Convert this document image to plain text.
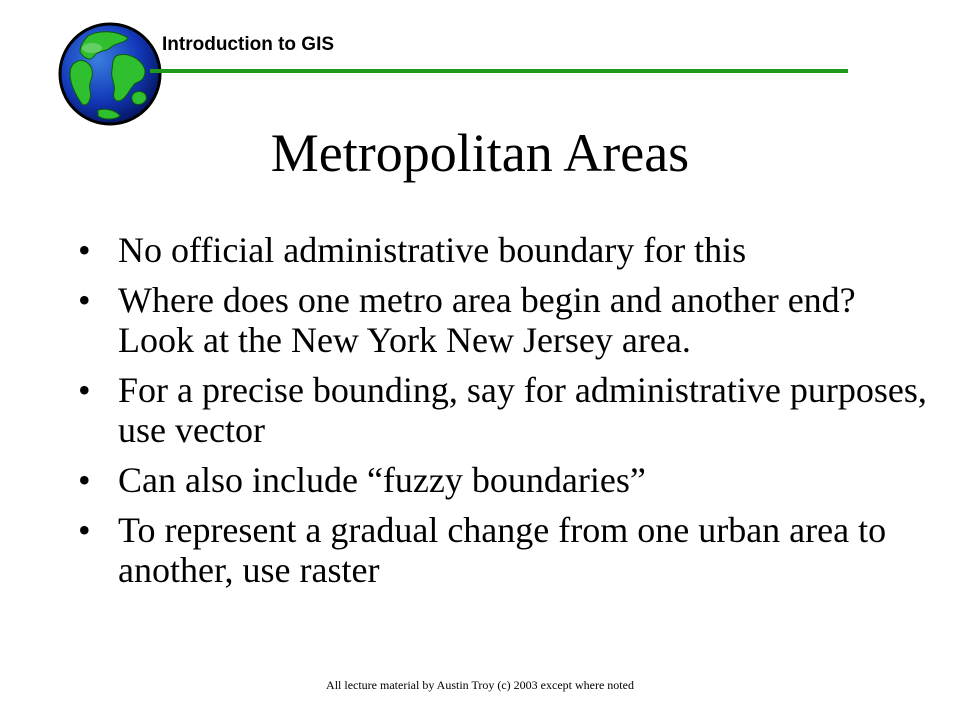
Introduction to GIS
Metropolitan Areas
• No official administrative boundary for this
• Where does one metro area begin and another end? Look at the New York New Jersey area.
• For a precise bounding, say for administrative purposes, use vector
• Can also include “fuzzy boundaries”
• To represent a gradual change from one urban area to another, use raster
All lecture material by Austin Troy (c) 2003 except where noted
